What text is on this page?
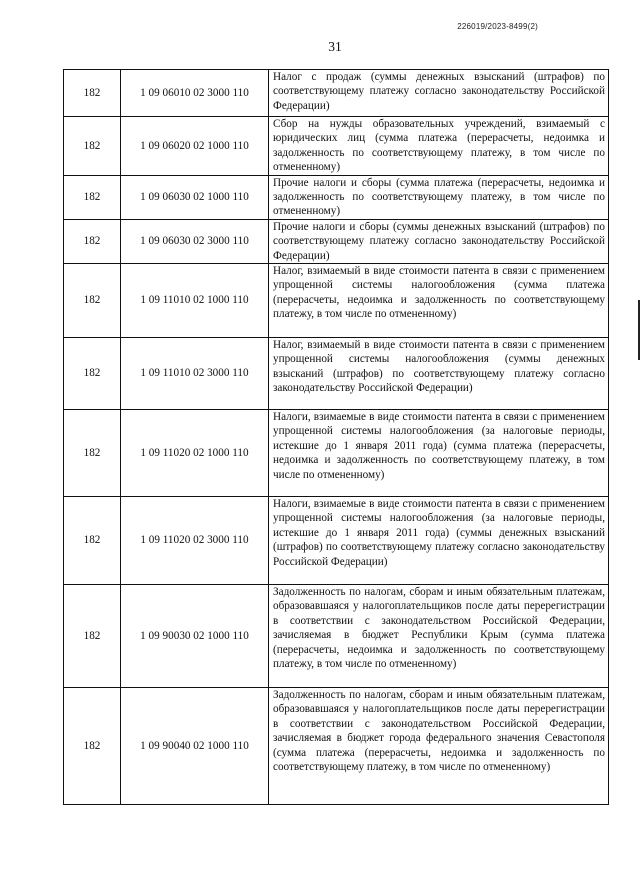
226019/2023-8499(2)
31
182	1 09 06010 02 3000 110	Налог с продаж (суммы денежных взысканий (штрафов) по соответствующему платежу согласно законодательству Российской Федерации)
182	1 09 06020 02 1000 110	Сбор на нужды образовательных учреждений, взимаемый с юридических лиц (сумма платежа (перерасчеты, недоимка и задолженность по соответствующему платежу, в том числе по отмененному)
182	1 09 06030 02 1000 110	Прочие налоги и сборы (сумма платежа (перерасчеты, недоимка и задолженность по соответствующему платежу, в том числе по отмененному)
182	1 09 06030 02 3000 110	Прочие налоги и сборы (суммы денежных взысканий (штрафов) по соответствующему платежу согласно законодательству Российской Федерации)
182	1 09 11010 02 1000 110	Налог, взимаемый в виде стоимости патента в связи с применением упрощенной системы налогообложения (сумма платежа (перерасчеты, недоимка и задолженность по соответствующему платежу, в том числе по отмененному)
182	1 09 11010 02 3000 110	Налог, взимаемый в виде стоимости патента в связи с применением упрощенной системы налогообложения (суммы денежных взысканий (штрафов) по соответствующему платежу согласно законодательству Российской Федерации)
182	1 09 11020 02 1000 110	Налоги, взимаемые в виде стоимости патента в связи с применением упрощенной системы налогообложения (за налоговые периоды, истекшие до 1 января 2011 года) (сумма платежа (перерасчеты, недоимка и задолженность по соответствующему платежу, в том числе по отмененному)
182	1 09 11020 02 3000 110	Налоги, взимаемые в виде стоимости патента в связи с применением упрощенной системы налогообложения (за налоговые периоды, истекшие до 1 января 2011 года) (суммы денежных взысканий (штрафов) по соответствующему платежу согласно законодательству Российской Федерации)
182	1 09 90030 02 1000 110	Задолженность по налогам, сборам и иным обязательным платежам, образовавшаяся у налогоплательщиков после даты перерегистрации в соответствии с законодательством Российской Федерации, зачисляемая в бюджет Республики Крым (сумма платежа (перерасчеты, недоимка и задолженность по соответствующему платежу, в том числе по отмененному)
182	1 09 90040 02 1000 110	Задолженность по налогам, сборам и иным обязательным платежам, образовавшаяся у налогоплательщиков после даты перерегистрации в соответствии с законодательством Российской Федерации, зачисляемая в бюджет города федерального значения Севастополя (сумма платежа (перерасчеты, недоимка и задолженность по соответствующему платежу, в том числе по отмененному)
